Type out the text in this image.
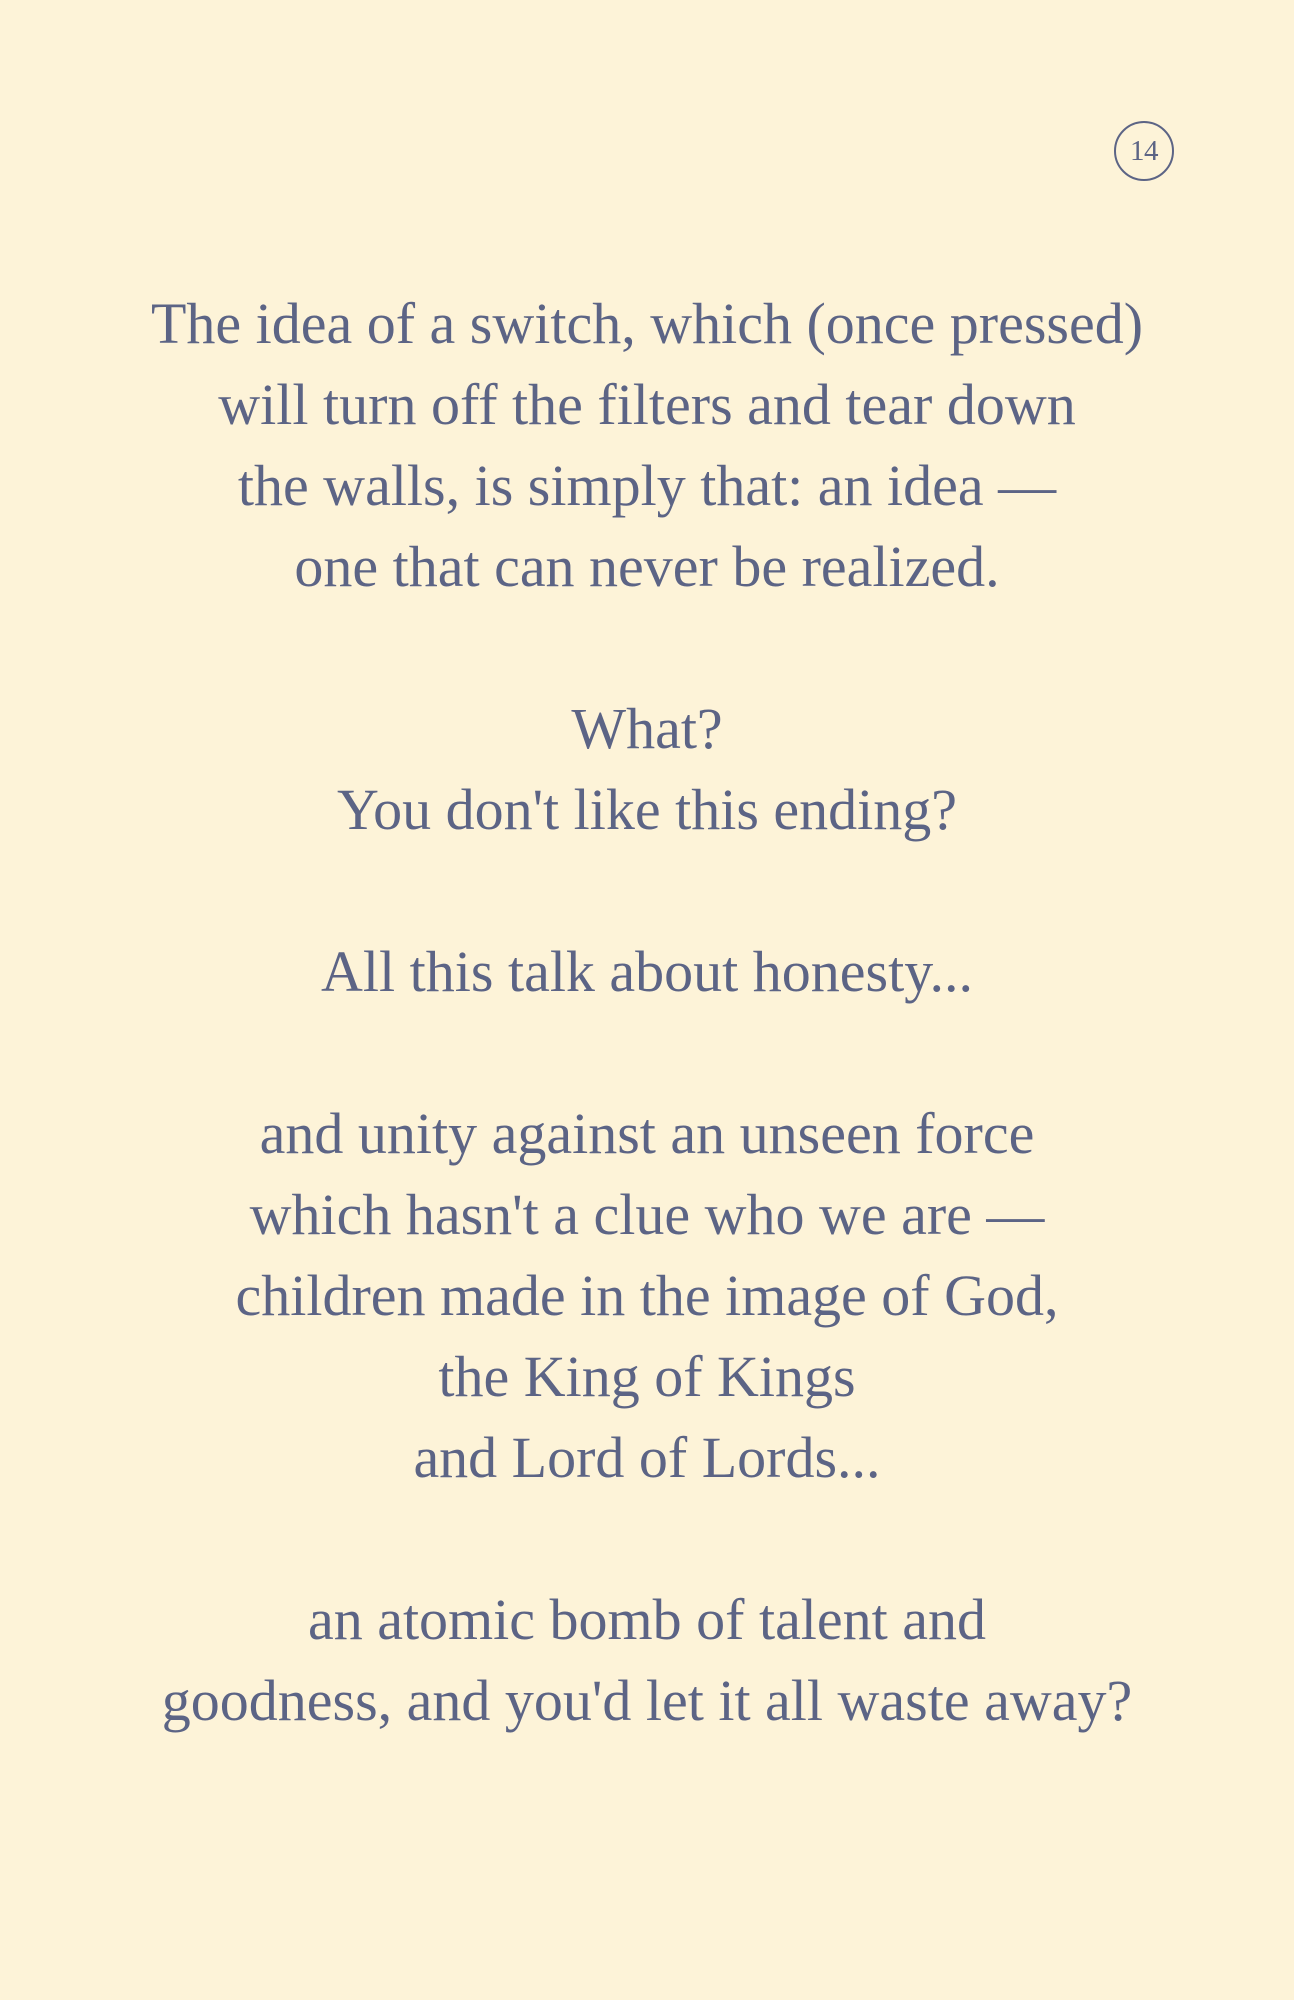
14
The idea of a switch, which (once pressed)
will turn off the filters and tear down
the walls, is simply that: an idea —
one that can never be realized.
What?
You don't like this ending?
All this talk about honesty...
and unity against an unseen force
which hasn't a clue who we are —
children made in the image of God,
the King of Kings
and Lord of Lords...
an atomic bomb of talent and
goodness, and you'd let it all waste away?
